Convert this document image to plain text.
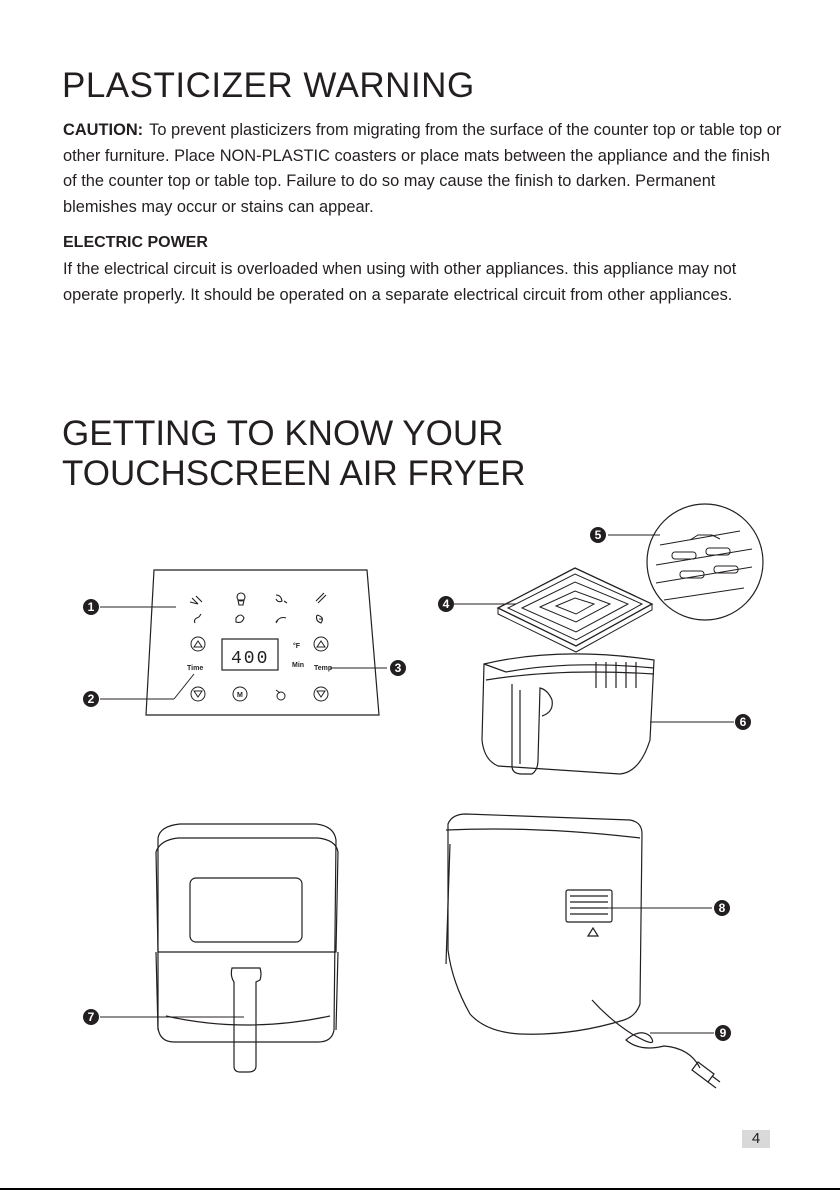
PLASTICIZER WARNING
CAUTION: To prevent plasticizers from migrating from the surface of the counter top or table top or other furniture. Place NON-PLASTIC coasters or place mats between the appliance and the finish of the counter top or table top. Failure to do so may cause the finish to darken. Permanent blemishes may occur or stains can appear.
ELECTRIC POWER
If the electrical circuit is overloaded when using with other appliances. this appliance may not operate properly. It should be operated on a separate electrical circuit from other appliances.
GETTING TO KNOW YOUR
TOUCHSCREEN AIR FRYER
400
°F
Min
Time	Temp
M
1
2
3
4
5
6
7
8
9
4
